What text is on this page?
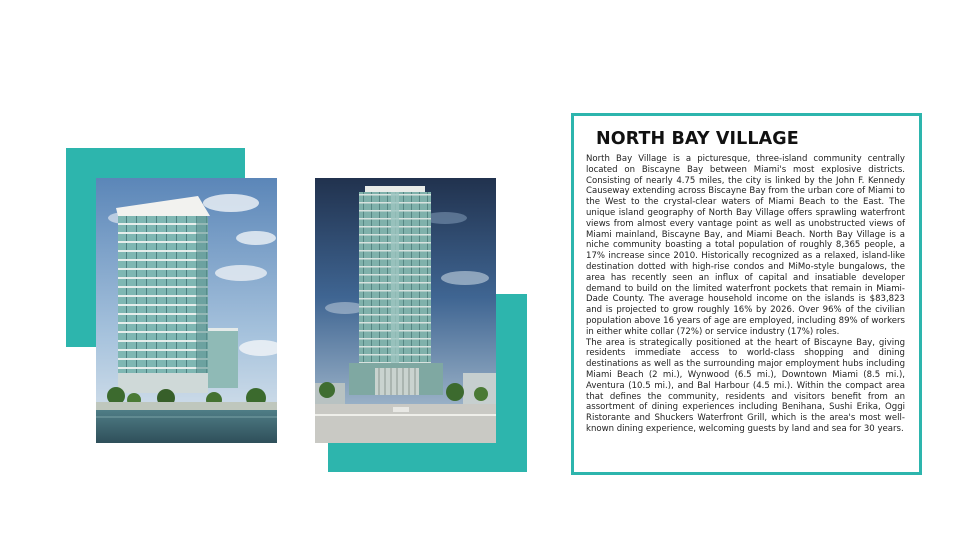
NORTH BAY VILLAGE

North Bay Village is a picturesque, three-island community centrally located on Biscayne Bay between Miami's most explosive districts. Consisting of nearly 4.75 miles, the city is linked by the John F. Kennedy Causeway extending across Biscayne Bay from the urban core of Miami to the West to the crystal-clear waters of Miami Beach to the East. The unique island geography of North Bay Village offers sprawling waterfront views from almost every vantage point as well as unobstructed views of Miami mainland, Biscayne Bay, and Miami Beach. North Bay Village is a niche community boasting a total population of roughly 8,365 people, a 17% increase since 2010. Historically recognized as a relaxed, island-like destination dotted with high-rise condos and MiMo-style bungalows, the area has recently seen an influx of capital and insatiable developer demand to build on the limited waterfront pockets that remain in Miami-Dade County. The average household income on the islands is $83,823 and is projected to grow roughly 16% by 2026. Over 96% of the civilian population above 16 years of age are employed, including 89% of workers in either white collar (72%) or service industry (17%) roles.

The area is strategically positioned at the heart of Biscayne Bay, giving residents immediate access to world-class shopping and dining destinations as well as the surrounding major employment hubs including Miami Beach (2 mi.), Wynwood (6.5 mi.), Downtown Miami (8.5 mi.), Aventura (10.5 mi.), and Bal Harbour (4.5 mi.). Within the compact area that defines the community, residents and visitors benefit from an assortment of dining experiences including Benihana, Sushi Erika, Oggi Ristorante and Shuckers Waterfront Grill, which is the area's most well-known dining experience, welcoming guests by land and sea for 30 years.
